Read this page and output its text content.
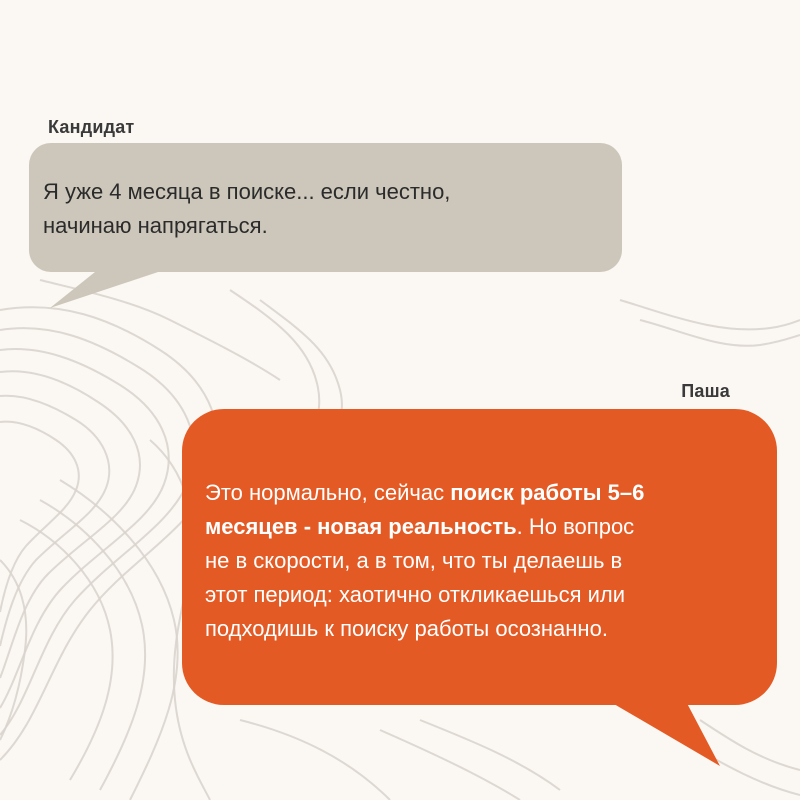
Кандидат
Я уже 4 месяца в поиске... если честно,
начинаю напрягаться.
Паша
Это нормально, сейчас поиск работы 5–6
месяцев - новая реальность. Но вопрос
не в скорости, а в том, что ты делаешь в
этот период: хаотично откликаешься или
подходишь к поиску работы осознанно.
